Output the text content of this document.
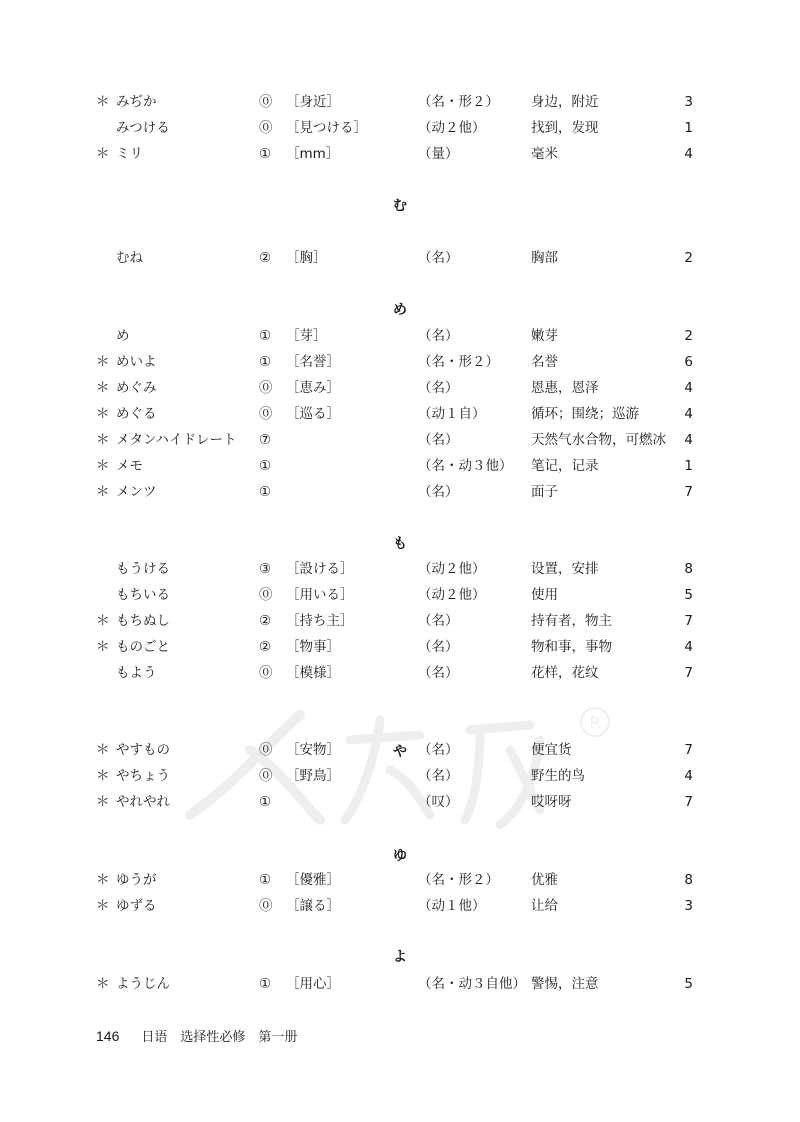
＊ みぢか	⓪ ［身近］	（名・形２） 身边，附近	3
みつける	⓪ ［見つける］	（动２他）	找到，发现	1
＊ ミリ	① ［mm］	（量）	毫米	4
む
むね	② ［胸］	（名）	胸部	2
め
め	① ［芽］	（名）	嫩芽	2
＊ めいよ	① ［名誉］	（名・形２） 名誉	6
＊ めぐみ	⓪ ［恵み］	（名）	恩惠，恩泽	4
＊ めぐる	⓪ ［巡る］	（动１自）	循环；围绕；巡游	4
＊ メタンハイドレート ⑦	（名）	天然气水合物，可燃冰	4
＊ メモ	①	（名・动３他） 笔记，记录	1
＊ メンツ	①	（名）	面子	7
も
もうける	③ ［設ける］	（动２他）	设置，安排	8
もちいる	⓪ ［用いる］	（动２他）	使用	5
＊ もちぬし	② ［持ち主］	（名）	持有者，物主	7
＊ ものごと	② ［物事］	（名）	物和事，事物	4
もよう	⓪ ［模様］	（名）	花样，花纹	7
や
＊ やすもの	⓪ ［安物］	（名）	便宜货	7
＊ やちょう	⓪ ［野鳥］	（名）	野生的鸟	4
＊ やれやれ	①	（叹）	哎呀呀	7
ゆ
＊ ゆうが	① ［優雅］	（名・形２） 优雅	8
＊ ゆずる	⓪ ［譲る］	（动１他）	让给	3
よ
＊ ようじん	① ［用心］	（名・动３自他） 警惕，注意	5
R
146 日语　选择性必修　第一册
